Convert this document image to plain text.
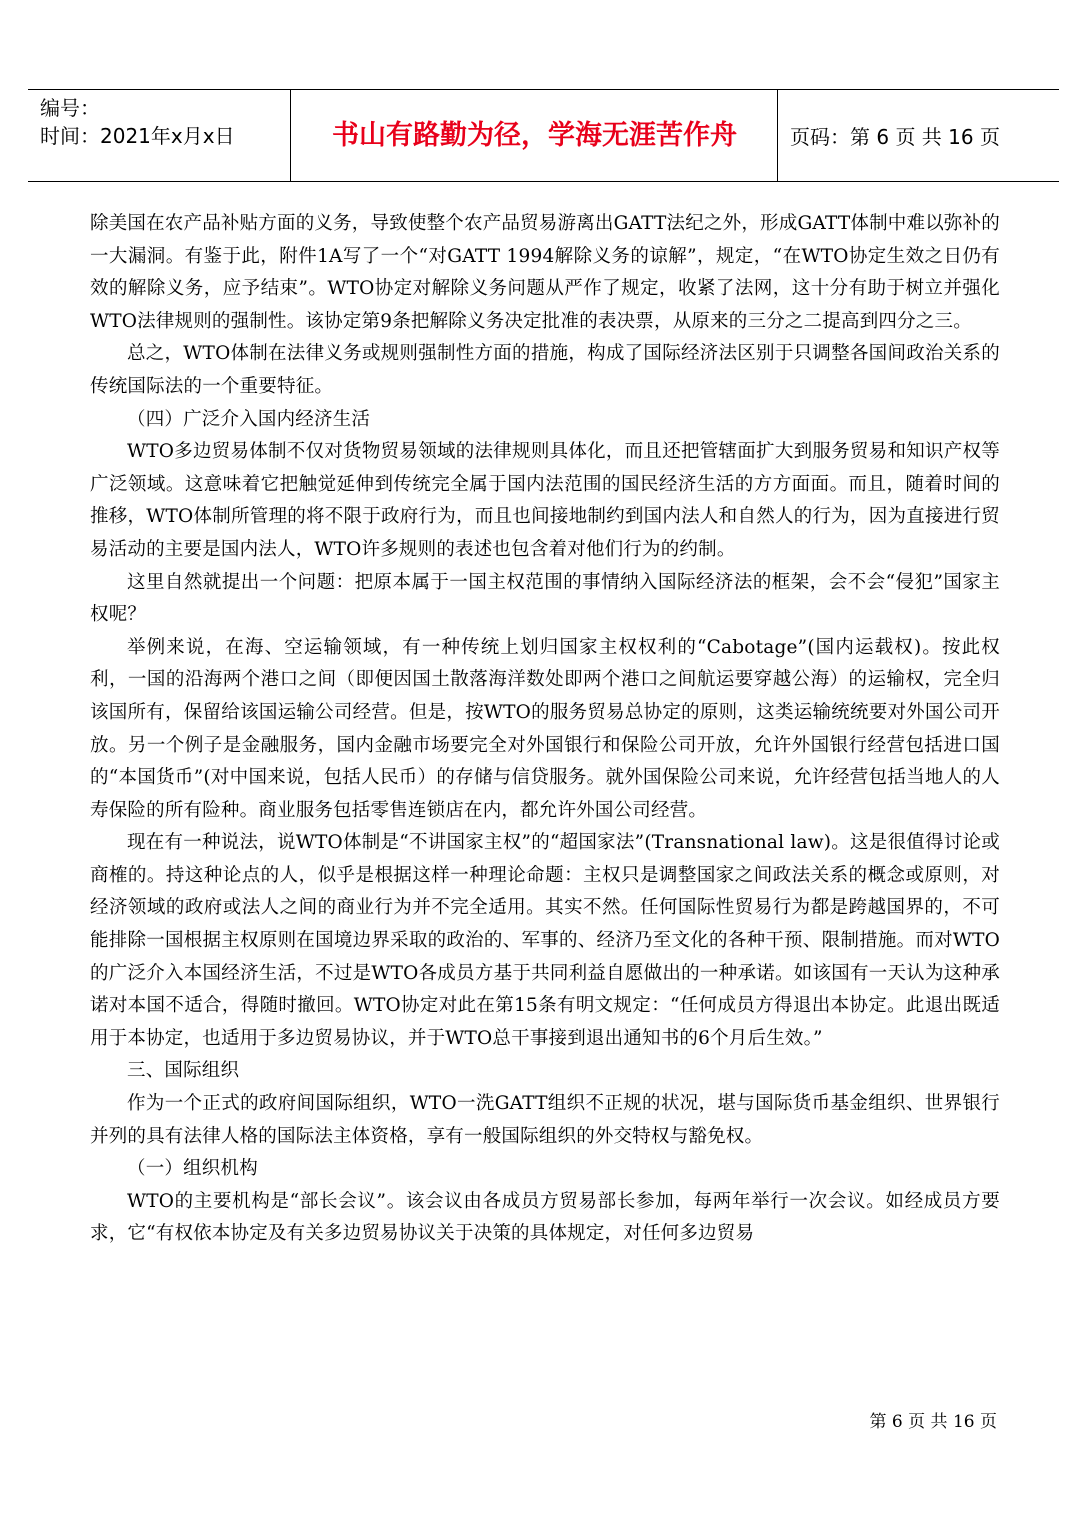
编号：
时间：2021年x月x日	书山有路勤为径，学海无涯苦作舟	页码：第 6 页 共 16 页

除美国在农产品补贴方面的义务，导致使整个农产品贸易游离出GATT法纪之外，形成GATT体制中难以弥补的一大漏洞。有鉴于此，附件1A写了一个“对GATT 1994解除义务的谅解”，规定，“在WTO协定生效之日仍有效的解除义务，应予结束”。WTO协定对解除义务问题从严作了规定，收紧了法网，这十分有助于树立并强化WTO法律规则的强制性。该协定第9条把解除义务决定批准的表决票，从原来的三分之二提高到四分之三。

总之，WTO体制在法律义务或规则强制性方面的措施，构成了国际经济法区别于只调整各国间政治关系的传统国际法的一个重要特征。

（四）广泛介入国内经济生活

WTO多边贸易体制不仅对货物贸易领域的法律规则具体化，而且还把管辖面扩大到服务贸易和知识产权等广泛领域。这意味着它把触觉延伸到传统完全属于国内法范围的国民经济生活的方方面面。而且，随着时间的推移，WTO体制所管理的将不限于政府行为，而且也间接地制约到国内法人和自然人的行为，因为直接进行贸易活动的主要是国内法人，WTO许多规则的表述也包含着对他们行为的约制。

这里自然就提出一个问题：把原本属于一国主权范围的事情纳入国际经济法的框架，会不会“侵犯”国家主权呢？

举例来说，在海、空运输领域，有一种传统上划归国家主权权利的“Cabotage”(国内运载权)。按此权利，一国的沿海两个港口之间（即便因国土散落海洋数处即两个港口之间航运要穿越公海）的运输权，完全归该国所有，保留给该国运输公司经营。但是，按WTO的服务贸易总协定的原则，这类运输统统要对外国公司开放。另一个例子是金融服务，国内金融市场要完全对外国银行和保险公司开放，允许外国银行经营包括进口国的“本国货币”(对中国来说，包括人民币）的存储与信贷服务。就外国保险公司来说，允许经营包括当地人的人寿保险的所有险种。商业服务包括零售连锁店在内，都允许外国公司经营。

现在有一种说法，说WTO体制是“不讲国家主权”的“超国家法”(Transnational law)。这是很值得讨论或商榷的。持这种论点的人，似乎是根据这样一种理论命题：主权只是调整国家之间政法关系的概念或原则，对经济领域的政府或法人之间的商业行为并不完全适用。其实不然。任何国际性贸易行为都是跨越国界的，不可能排除一国根据主权原则在国境边界采取的政治的、军事的、经济乃至文化的各种干预、限制措施。而对WTO的广泛介入本国经济生活，不过是WTO各成员方基于共同利益自愿做出的一种承诺。如该国有一天认为这种承诺对本国不适合，得随时撤回。WTO协定对此在第15条有明文规定：“任何成员方得退出本协定。此退出既适用于本协定，也适用于多边贸易协议，并于WTO总干事接到退出通知书的6个月后生效。”

三、国际组织

作为一个正式的政府间国际组织，WTO一洗GATT组织不正规的状况，堪与国际货币基金组织、世界银行并列的具有法律人格的国际法主体资格，享有一般国际组织的外交特权与豁免权。

（一）组织机构

WTO的主要机构是“部长会议”。该会议由各成员方贸易部长参加，每两年举行一次会议。如经成员方要求，它“有权依本协定及有关多边贸易协议关于决策的具体规定，对任何多边贸易

第 6 页 共 16 页
